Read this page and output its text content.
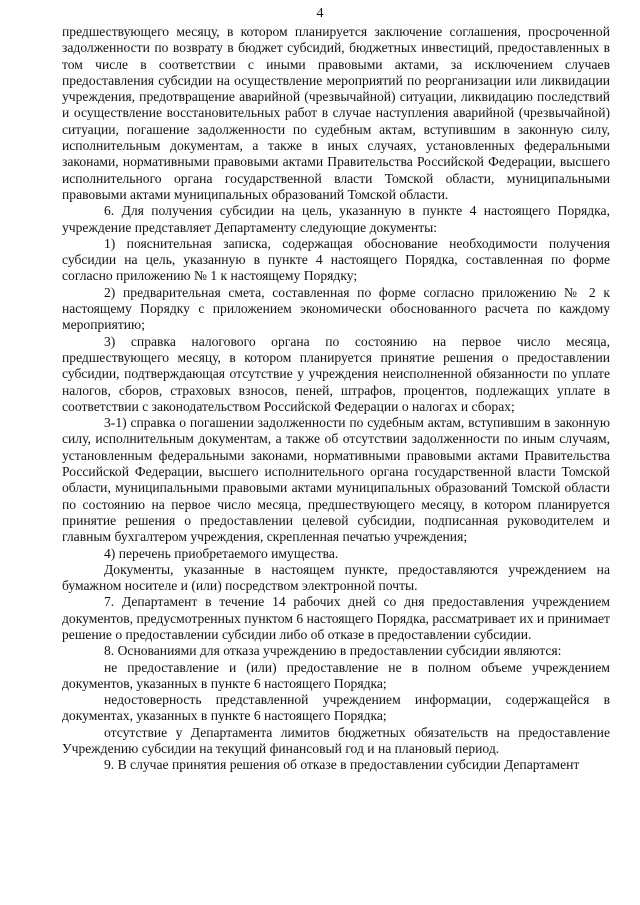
4

предшествующего месяцу, в котором планируется заключение соглашения, просроченной задолженности по возврату в бюджет субсидий, бюджетных инвестиций, предоставленных в том числе в соответствии с иными правовыми актами, за исключением случаев предоставления субсидии на осуществление мероприятий по реорганизации или ликвидации учреждения, предотвращение аварийной (чрезвычайной) ситуации, ликвидацию последствий и осуществление восстановительных работ в случае наступления аварийной (чрезвычайной) ситуации, погашение задолженности по судебным актам, вступившим в законную силу, исполнительным документам, а также в иных случаях, установленных федеральными законами, нормативными правовыми актами Правительства Российской Федерации, высшего исполнительного органа государственной власти Томской области, муниципальными правовыми актами муниципальных образований Томской области.

6. Для получения субсидии на цель, указанную в пункте 4 настоящего Порядка, учреждение представляет Департаменту следующие документы:

1) пояснительная записка, содержащая обоснование необходимости получения субсидии на цель, указанную в пункте 4 настоящего Порядка, составленная по форме согласно приложению № 1 к настоящему Порядку;

2) предварительная смета, составленная по форме согласно приложению № 2 к настоящему Порядку с приложением экономически обоснованного расчета по каждому мероприятию;

3) справка налогового органа по состоянию на первое число месяца, предшествующего месяцу, в котором планируется принятие решения о предоставлении субсидии, подтверждающая отсутствие у учреждения неисполненной обязанности по уплате налогов, сборов, страховых взносов, пеней, штрафов, процентов, подлежащих уплате в соответствии с законодательством Российской Федерации о налогах и сборах;

3-1) справка о погашении задолженности по судебным актам, вступившим в законную силу, исполнительным документам, а также об отсутствии задолженности по иным случаям, установленным федеральными законами, нормативными правовыми актами Правительства Российской Федерации, высшего исполнительного органа государственной власти Томской области, муниципальными правовыми актами муниципальных образований Томской области по состоянию на первое число месяца, предшествующего месяцу, в котором планируется принятие решения о предоставлении целевой субсидии, подписанная руководителем и главным бухгалтером учреждения, скрепленная печатью учреждения;

4) перечень приобретаемого имущества.

Документы, указанные в настоящем пункте, предоставляются учреждением на бумажном носителе и (или) посредством электронной почты.

7. Департамент в течение 14 рабочих дней со дня предоставления учреждением документов, предусмотренных пунктом 6 настоящего Порядка, рассматривает их и принимает решение о предоставлении субсидии либо об отказе в предоставлении субсидии.

8. Основаниями для отказа учреждению в предоставлении субсидии являются:

не предоставление и (или) предоставление не в полном объеме учреждением документов, указанных в пункте 6 настоящего Порядка;

недостоверность представленной учреждением информации, содержащейся в документах, указанных в пункте 6 настоящего Порядка;

отсутствие у Департамента лимитов бюджетных обязательств на предоставление Учреждению субсидии на текущий финансовый год и на плановый период.

9. В случае принятия решения об отказе в предоставлении субсидии Департамент
